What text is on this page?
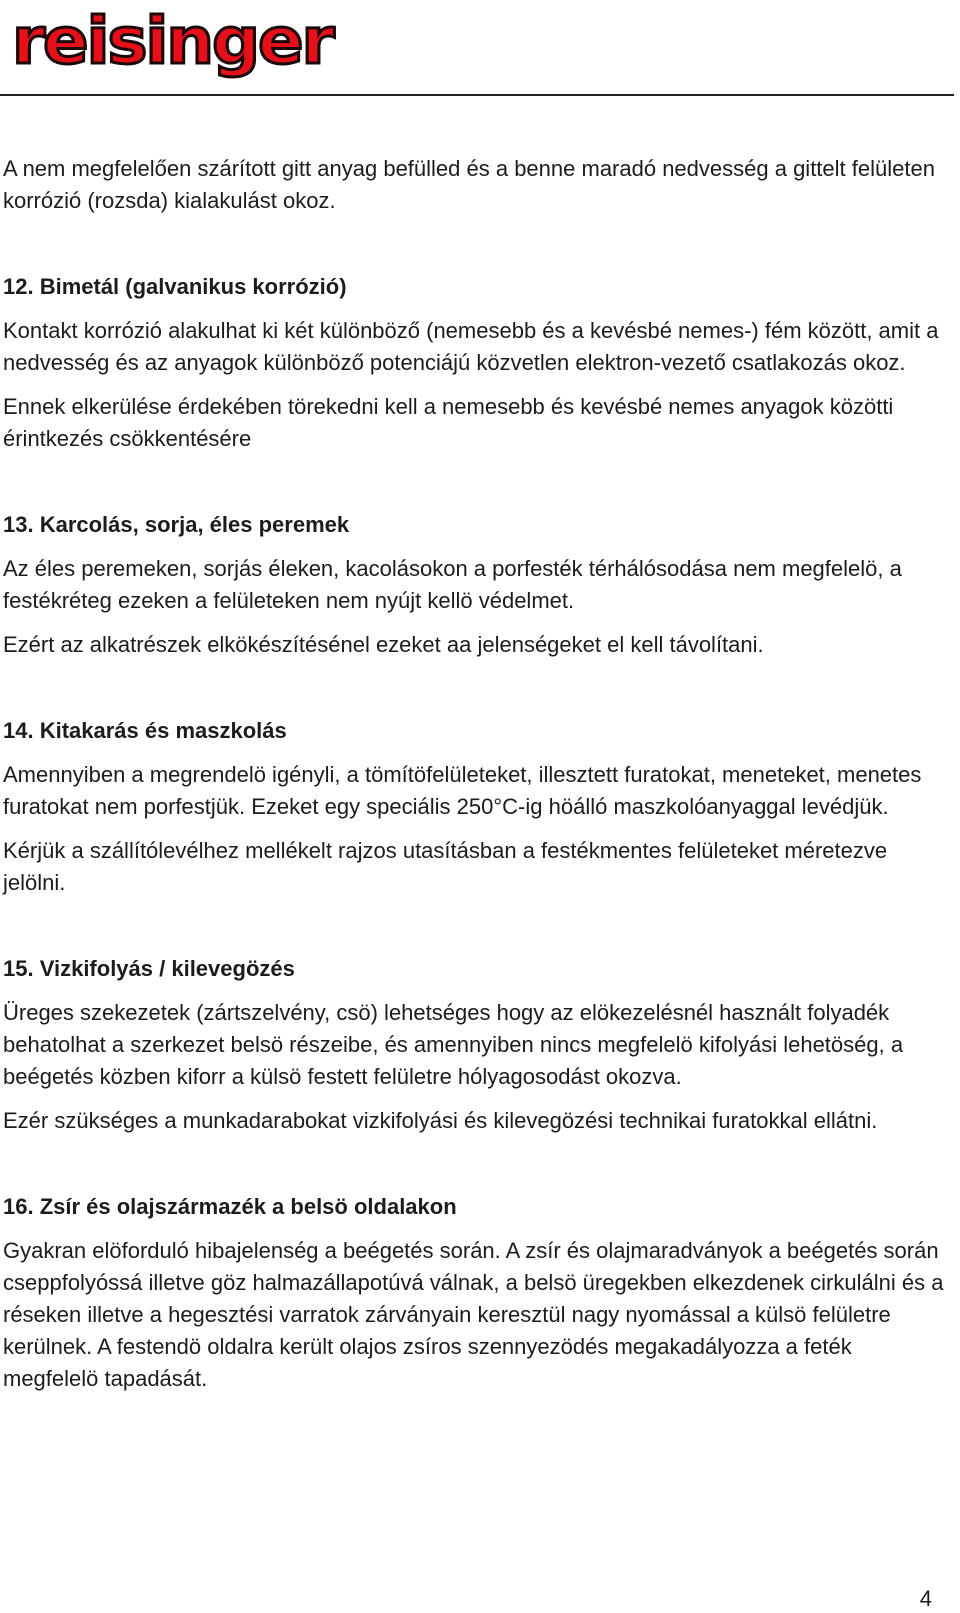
reisinger

A nem megfelelően szárított gitt anyag befülled és a benne maradó nedvesség a gittelt felületen korrózió (rozsda) kialakulást okoz.

12. Bimetál (galvanikus korrózió)

Kontakt korrózió alakulhat ki két különböző (nemesebb és a kevésbé nemes-) fém között, amit a nedvesség és az anyagok különböző potenciájú közvetlen elektron-vezető csatlakozás okoz.

Ennek elkerülése érdekében törekedni kell a nemesebb és kevésbé nemes anyagok közötti érintkezés csökkentésére

13. Karcolás, sorja, éles peremek

Az éles peremeken, sorjás éleken, kacolásokon a porfesték térhálósodása nem megfelelö, a festékréteg ezeken a felületeken nem nyújt kellö védelmet.

Ezért az alkatrészek elkökészítésénel ezeket aa jelenségeket el kell távolítani.

14. Kitakarás és maszkolás

Amennyiben a megrendelö igényli, a tömítöfelületeket, illesztett furatokat, meneteket, menetes furatokat nem porfestjük. Ezeket egy speciális 250°C-ig höálló maszkolóanyaggal levédjük.

Kérjük a szállítólevélhez mellékelt rajzos utasításban a festékmentes felületeket méretezve jelölni.

15. Vizkifolyás / kilevegözés

Üreges szekezetek (zártszelvény, csö) lehetséges hogy az elökezelésnél használt folyadék behatolhat a szerkezet belsö részeibe, és amennyiben nincs megfelelö kifolyási lehetöség, a beégetés közben kiforr a külsö festett felületre hólyagosodást okozva.

Ezér szükséges a munkadarabokat vizkifolyási és kilevegözési technikai furatokkal ellátni.

16. Zsír és olajszármazék a belsö oldalakon

Gyakran elöforduló hibajelenség a beégetés során. A zsír és olajmaradványok a beégetés során cseppfolyóssá illetve göz halmazállapotúvá válnak, a belsö üregekben elkezdenek cirkulálni és a réseken illetve a hegesztési varratok zárványain keresztül nagy nyomással a külsö felületre kerülnek. A festendö oldalra került olajos zsíros szennyezödés megakadályozza a feték megfelelö tapadását.

4
